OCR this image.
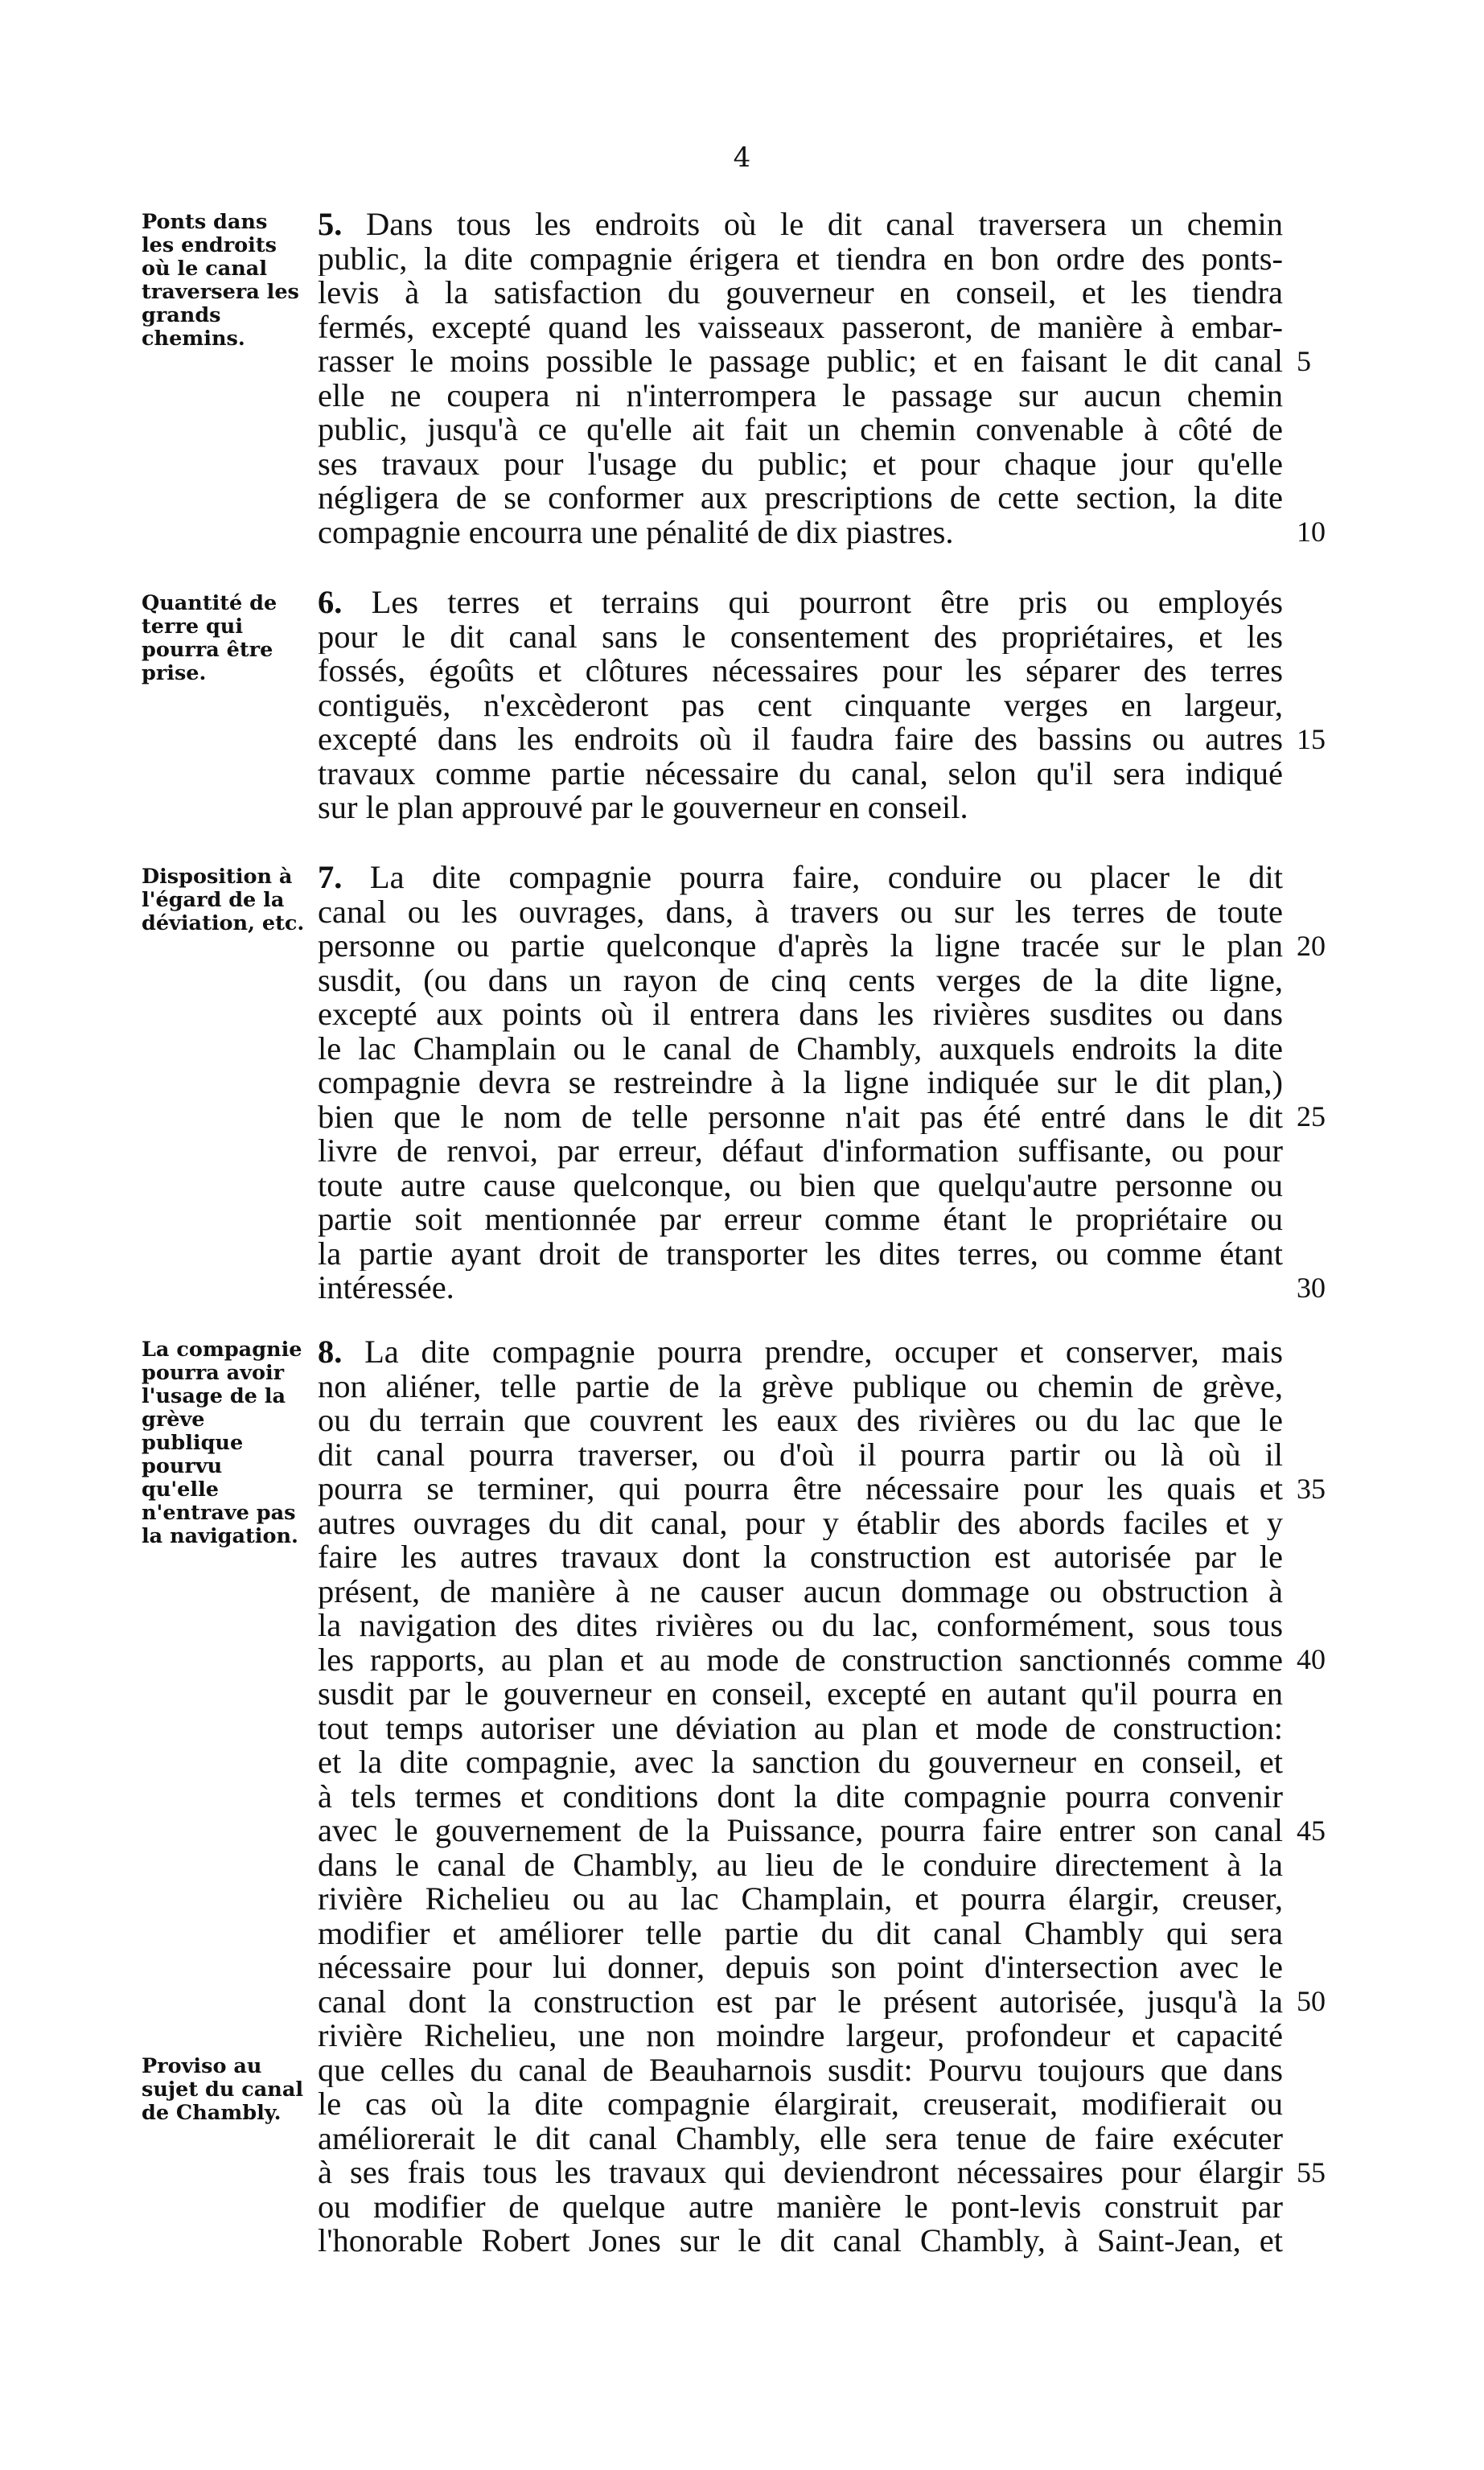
4
Ponts dans les endroits où le canal traversera les grands chemins.
5. Dans tous les endroits où le dit canal traversera un chemin
public, la dite compagnie érigera et tiendra en bon ordre des ponts-
levis à la satisfaction du gouverneur en conseil, et les tiendra
fermés, excepté quand les vaisseaux passeront, de manière à embar-
rasser le moins possible le passage public; et en faisant le dit canal
elle ne coupera ni n'interrompera le passage sur aucun chemin
public, jusqu'à ce qu'elle ait fait un chemin convenable à côté de
ses travaux pour l'usage du public; et pour chaque jour qu'elle
négligera de se conformer aux prescriptions de cette section, la dite
compagnie encourra une pénalité de dix piastres.
5
10
Quantité de terre qui pourra être prise.
6. Les terres et terrains qui pourront être pris ou employés
pour le dit canal sans le consentement des propriétaires, et les
fossés, égoûts et clôtures nécessaires pour les séparer des terres
contiguës, n'excèderont pas cent cinquante verges en largeur,
excepté dans les endroits où il faudra faire des bassins ou autres
travaux comme partie nécessaire du canal, selon qu'il sera indiqué
sur le plan approuvé par le gouverneur en conseil.
15
Disposition à l'égard de la déviation, etc.
7. La dite compagnie pourra faire, conduire ou placer le dit
canal ou les ouvrages, dans, à travers ou sur les terres de toute
personne ou partie quelconque d'après la ligne tracée sur le plan
susdit, (ou dans un rayon de cinq cents verges de la dite ligne,
excepté aux points où il entrera dans les rivières susdites ou dans
le lac Champlain ou le canal de Chambly, auxquels endroits la dite
compagnie devra se restreindre à la ligne indiquée sur le dit plan,)
bien que le nom de telle personne n'ait pas été entré dans le dit
livre de renvoi, par erreur, défaut d'information suffisante, ou pour
toute autre cause quelconque, ou bien que quelqu'autre personne ou
partie soit mentionnée par erreur comme étant le propriétaire ou
la partie ayant droit de transporter les dites terres, ou comme étant
intéressée.
20
25
30
La compagnie pourra avoir l'usage de la grève publique pourvu qu'elle n'entrave pas la navigation.
Proviso au sujet du canal de Chambly.
8. La dite compagnie pourra prendre, occuper et conserver, mais
non aliéner, telle partie de la grève publique ou chemin de grève,
ou du terrain que couvrent les eaux des rivières ou du lac que le
dit canal pourra traverser, ou d'où il pourra partir ou là où il
pourra se terminer, qui pourra être nécessaire pour les quais et
autres ouvrages du dit canal, pour y établir des abords faciles et y
faire les autres travaux dont la construction est autorisée par le
présent, de manière à ne causer aucun dommage ou obstruction à
la navigation des dites rivières ou du lac, conformément, sous tous
les rapports, au plan et au mode de construction sanctionnés comme
susdit par le gouverneur en conseil, excepté en autant qu'il pourra en
tout temps autoriser une déviation au plan et mode de construction:
et la dite compagnie, avec la sanction du gouverneur en conseil, et
à tels termes et conditions dont la dite compagnie pourra convenir
avec le gouvernement de la Puissance, pourra faire entrer son canal
dans le canal de Chambly, au lieu de le conduire directement à la
rivière Richelieu ou au lac Champlain, et pourra élargir, creuser,
modifier et améliorer telle partie du dit canal Chambly qui sera
nécessaire pour lui donner, depuis son point d'intersection avec le
canal dont la construction est par le présent autorisée, jusqu'à la
rivière Richelieu, une non moindre largeur, profondeur et capacité
que celles du canal de Beauharnois susdit: Pourvu toujours que dans
le cas où la dite compagnie élargirait, creuserait, modifierait ou
améliorerait le dit canal Chambly, elle sera tenue de faire exécuter
à ses frais tous les travaux qui deviendront nécessaires pour élargir
ou modifier de quelque autre manière le pont-levis construit par
l'honorable Robert Jones sur le dit canal Chambly, à Saint-Jean, et
35
40
45
50
55
